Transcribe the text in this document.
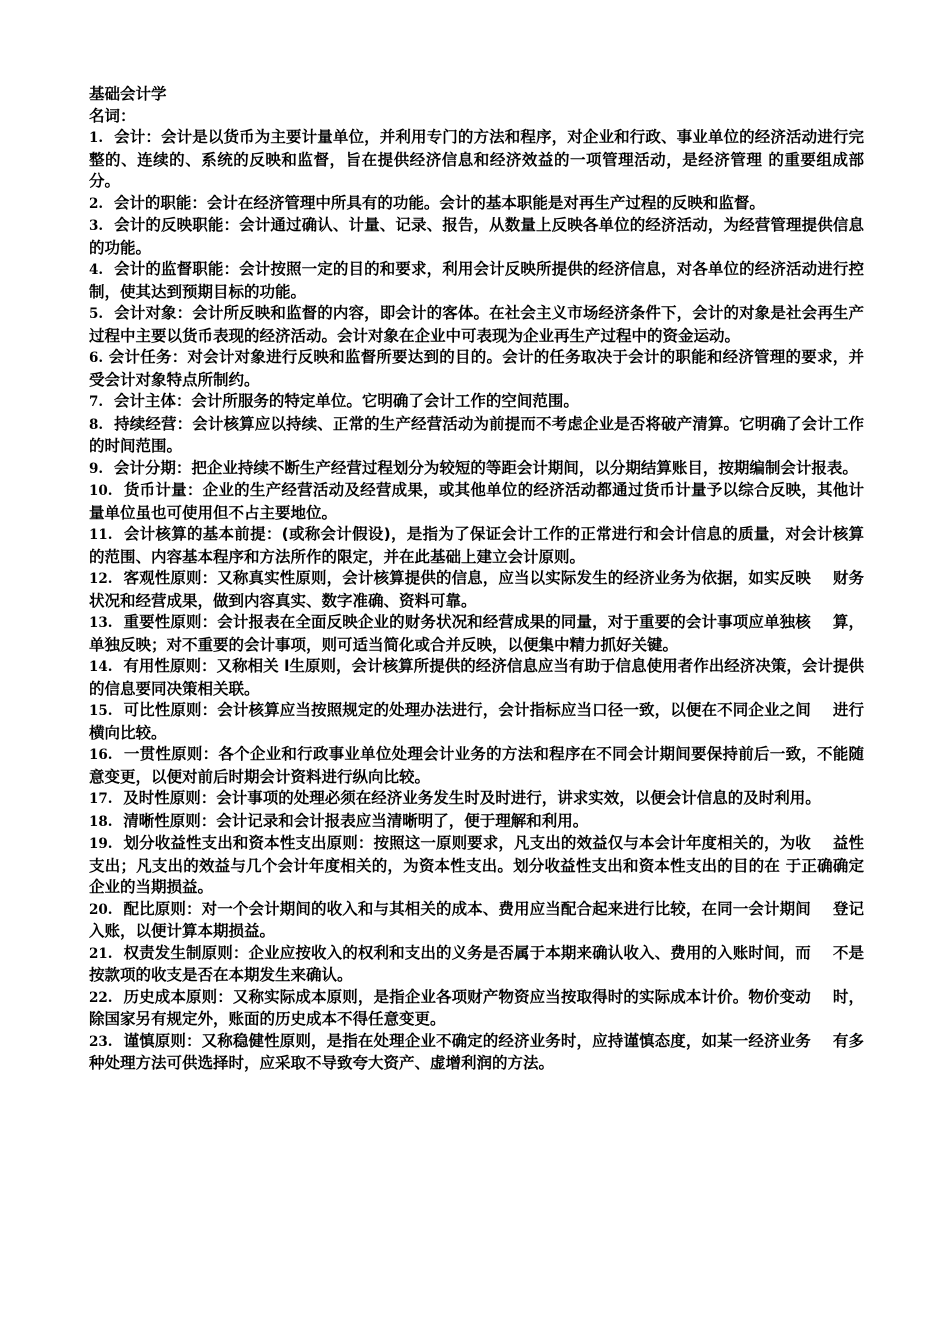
基础会计学
名词：
1. 会计：会计是以货币为主要计量单位，并利用专门的方法和程序，对企业和行政、事业单位的经济活动进行完整的、连续的、系统的反映和监督，旨在提供经济信息和经济效益的一项管理活动，是经济管理 的重要组成部分。
2. 会计的职能：会计在经济管理中所具有的功能。会计的基本职能是对再生产过程的反映和监督。
3. 会计的反映职能：会计通过确认、计量、记录、报告，从数量上反映各单位的经济活动，为经营管理提供信息的功能。
4. 会计的监督职能：会计按照一定的目的和要求，利用会计反映所提供的经济信息，对各单位的经济活动进行控制，使其达到预期目标的功能。
5. 会计对象：会计所反映和监督的内容，即会计的客体。在社会主义市场经济条件下，会计的对象是社会再生产过程中主要以货币表现的经济活动。会计对象在企业中可表现为企业再生产过程中的资金运动。
6. 会计任务：对会计对象进行反映和监督所要达到的目的。会计的任务取决于会计的职能和经济管理的要求，并受会计对象特点所制约。
7. 会计主体：会计所服务的特定单位。它明确了会计工作的空间范围。
8. 持续经营：会计核算应以持续、正常的生产经营活动为前提而不考虑企业是否将破产清算。它明确了会计工作的时间范围。
9. 会计分期：把企业持续不断生产经营过程划分为较短的等距会计期间，以分期结算账目，按期编制会计报表。
10. 货币计量：企业的生产经营活动及经营成果，或其他单位的经济活动都通过货币计量予以综合反映，其他计量单位虽也可使用但不占主要地位。
11. 会计核算的基本前提：(或称会计假设)，是指为了保证会计工作的正常进行和会计信息的质量，对会计核算的范围、内容基本程序和方法所作的限定，并在此基础上建立会计原则。
12. 客观性原则：又称真实性原则，会计核算提供的信息，应当以实际发生的经济业务为依据，如实反映    财务状况和经营成果，做到内容真实、数字准确、资料可靠。
13. 重要性原则：会计报表在全面反映企业的财务状况和经营成果的同量，对于重要的会计事项应单独核    算，单独反映；对不重要的会计事项，则可适当简化或合并反映，以便集中精力抓好关键。
14. 有用性原则：又称相关 l生原则，会计核算所提供的经济信息应当有助于信息使用者作出经济决策，会计提供的信息要同决策相关联。
15. 可比性原则：会计核算应当按照规定的处理办法进行，会计指标应当口径一致，以便在不同企业之间    进行横向比较。
16. 一贯性原则：各个企业和行政事业单位处理会计业务的方法和程序在不同会计期间要保持前后一致，不能随意变更，以便对前后时期会计资料进行纵向比较。
17. 及时性原则：会计事项的处理必须在经济业务发生时及时进行，讲求实效，以便会计信息的及时利用。
18. 清晰性原则：会计记录和会计报表应当清晰明了，便于理解和利用。
19. 划分收益性支出和资本性支出原则：按照这一原则要求，凡支出的效益仅与本会计年度相关的，为收    益性支出；凡支出的效益与几个会计年度相关的，为资本性支出。划分收益性支出和资本性支出的目的在 于正确确定企业的当期损益。
20. 配比原则：对一个会计期间的收入和与其相关的成本、费用应当配合起来进行比较，在同一会计期间    登记入账，以便计算本期损益。
21. 权责发生制原则：企业应按收入的权利和支出的义务是否属于本期来确认收入、费用的入账时间，而    不是按款项的收支是否在本期发生来确认。
22. 历史成本原则：又称实际成本原则，是指企业各项财产物资应当按取得时的实际成本计价。物价变动    时，除国家另有规定外，账面的历史成本不得任意变更。
23. 谨慎原则：又称稳健性原则，是指在处理企业不确定的经济业务时，应持谨慎态度，如某一经济业务    有多种处理方法可供选择时，应采取不导致夸大资产、虚增利润的方法。
